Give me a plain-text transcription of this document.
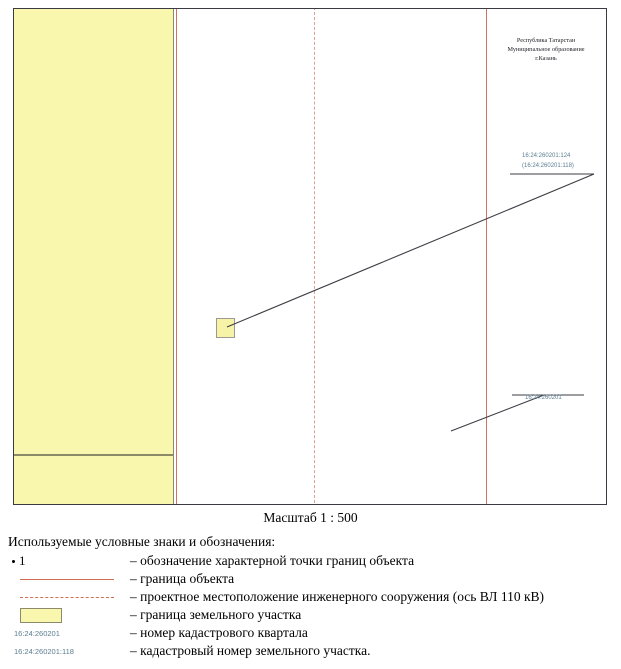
Республика Татарстан
Муниципальное образование
г.Казань
16:24:260201:124
(16:24:260201:118)
16:24:260201
Масштаб 1 : 500
Используемые условные знаки и обозначения:
1	– обозначение характерной точки границ объекта
– граница объекта
– проектное местоположение инженерного сооружения (ось ВЛ 110 кВ)
– граница земельного участка
16:24:260201	– номер кадастрового квартала
16:24:260201:118	– кадастровый номер земельного участка.
